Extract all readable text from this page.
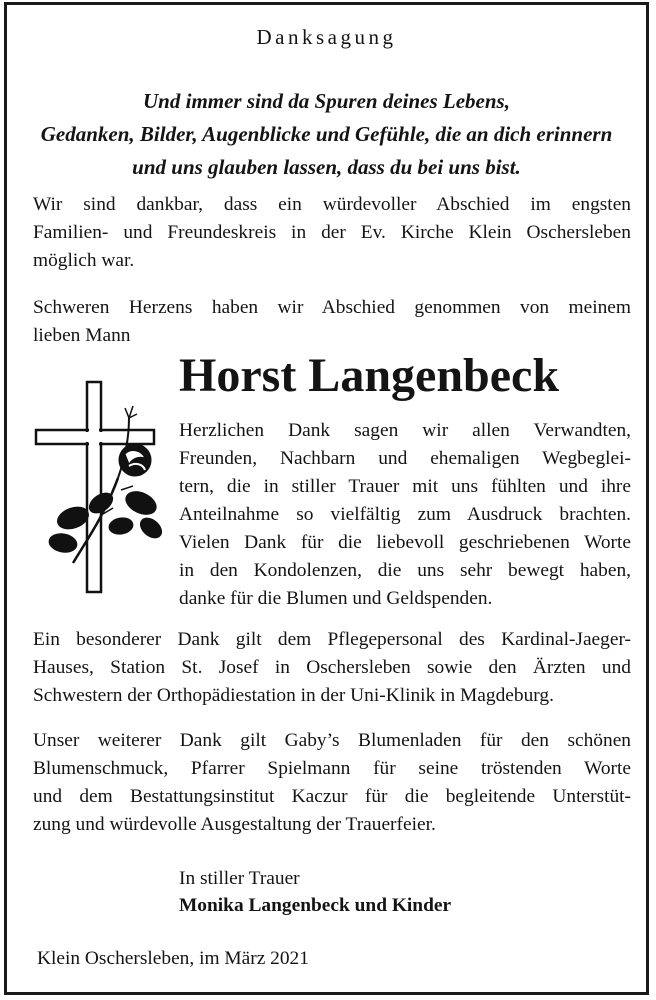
Danksagung
Und immer sind da Spuren deines Lebens,
Gedanken, Bilder, Augenblicke und Gefühle, die an dich erinnern
und uns glauben lassen, dass du bei uns bist.
Wir sind dankbar, dass ein würdevoller Abschied im engsten
Familien- und Freundeskreis in der Ev. Kirche Klein Oschersleben
möglich war.
Schweren Herzens haben wir Abschied genommen von meinem
lieben Mann
Horst Langenbeck
Herzlichen Dank sagen wir allen Verwandten,
Freunden, Nachbarn und ehemaligen Wegbeglei-
tern, die in stiller Trauer mit uns fühlten und ihre
Anteilnahme so vielfältig zum Ausdruck brachten.
Vielen Dank für die liebevoll geschriebenen Worte
in den Kondolenzen, die uns sehr bewegt haben,
danke für die Blumen und Geldspenden.
Ein besonderer Dank gilt dem Pflegepersonal des Kardinal-Jaeger-
Hauses, Station St. Josef in Oschersleben sowie den Ärzten und
Schwestern der Orthopädiestation in der Uni-Klinik in Magdeburg.
Unser weiterer Dank gilt Gaby’s Blumenladen für den schönen
Blumenschmuck, Pfarrer Spielmann für seine tröstenden Worte
und dem Bestattungsinstitut Kaczur für die begleitende Unterstüt-
zung und würdevolle Ausgestaltung der Trauerfeier.
In stiller Trauer
Monika Langenbeck und Kinder
Klein Oschersleben, im März 2021
